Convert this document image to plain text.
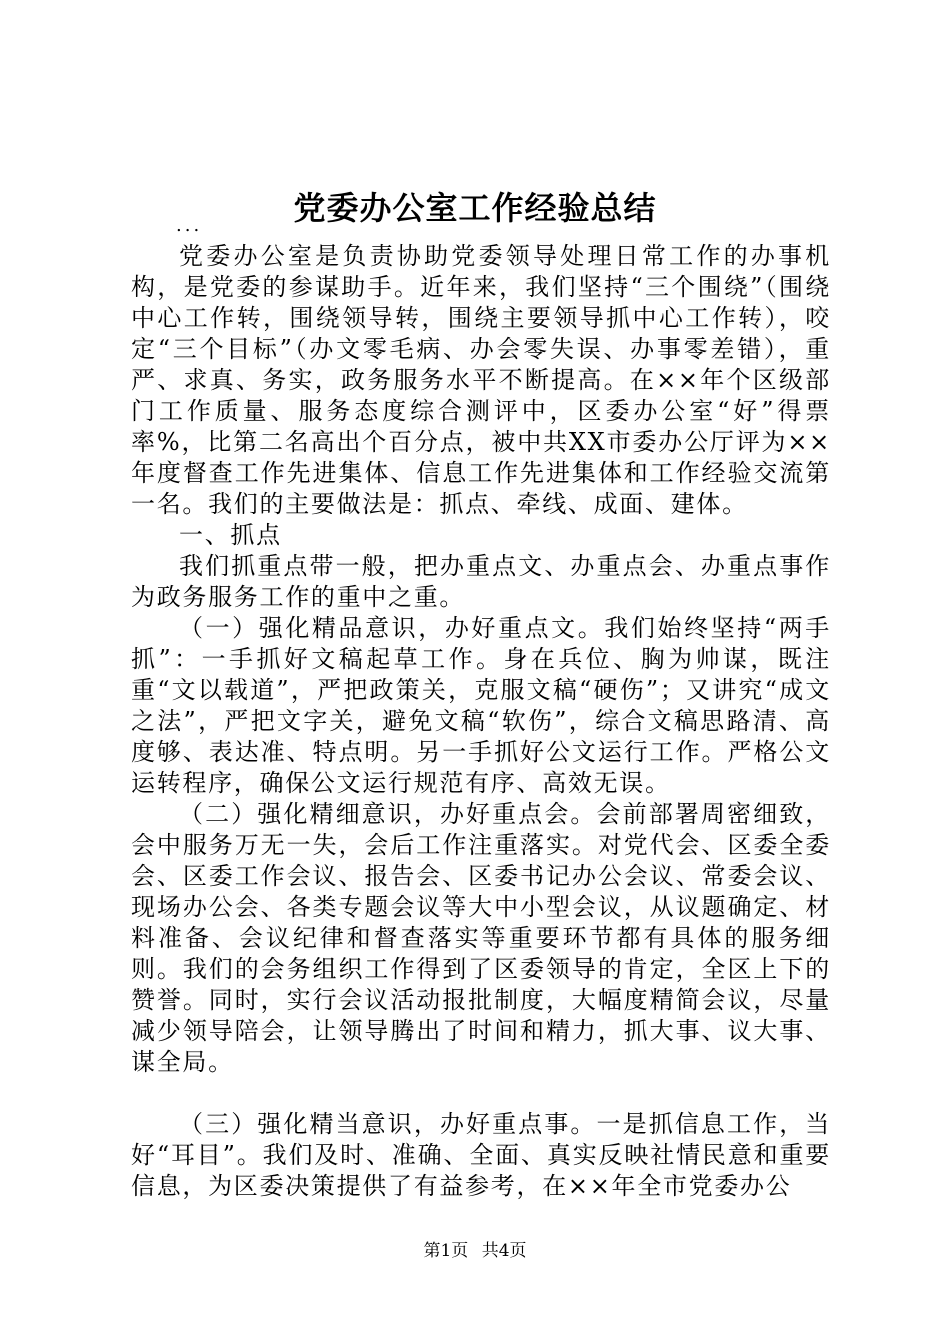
党委办公室工作经验总结
...

党委办公室是负责协助党委领导处理日常工作的办事机构，是党委的参谋助手。近年来，我们坚持“三个围绕”（围绕中心工作转，围绕领导转，围绕主要领导抓中心工作转），咬定“三个目标”（办文零毛病、办会零失误、办事零差错），重严、求真、务实，政务服务水平不断提高。在××年个区级部门工作质量、服务态度综合测评中，区委办公室“好”得票率%，比第二名高出个百分点，被中共XX市委办公厅评为××年度督查工作先进集体、信息工作先进集体和工作经验交流第一名。我们的主要做法是：抓点、牵线、成面、建体。

一、抓点

我们抓重点带一般，把办重点文、办重点会、办重点事作为政务服务工作的重中之重。

（一）强化精品意识，办好重点文。我们始终坚持“两手抓”：一手抓好文稿起草工作。身在兵位、胸为帅谋，既注重“文以载道”，严把政策关，克服文稿“硬伤”；又讲究“成文之法”，严把文字关，避免文稿“软伤”，综合文稿思路清、高度够、表达准、特点明。另一手抓好公文运行工作。严格公文运转程序，确保公文运行规范有序、高效无误。

（二）强化精细意识，办好重点会。会前部署周密细致，会中服务万无一失，会后工作注重落实。对党代会、区委全委会、区委工作会议、报告会、区委书记办公会议、常委会议、现场办公会、各类专题会议等大中小型会议，从议题确定、材料准备、会议纪律和督查落实等重要环节都有具体的服务细则。我们的会务组织工作得到了区委领导的肯定，全区上下的赞誉。同时，实行会议活动报批制度，大幅度精简会议，尽量减少领导陪会，让领导腾出了时间和精力，抓大事、议大事、谋全局。

（三）强化精当意识，办好重点事。一是抓信息工作，当好“耳目”。我们及时、准确、全面、真实反映社情民意和重要信息，为区委决策提供了有益参考，在××年全市党委办公

第1页 共4页
